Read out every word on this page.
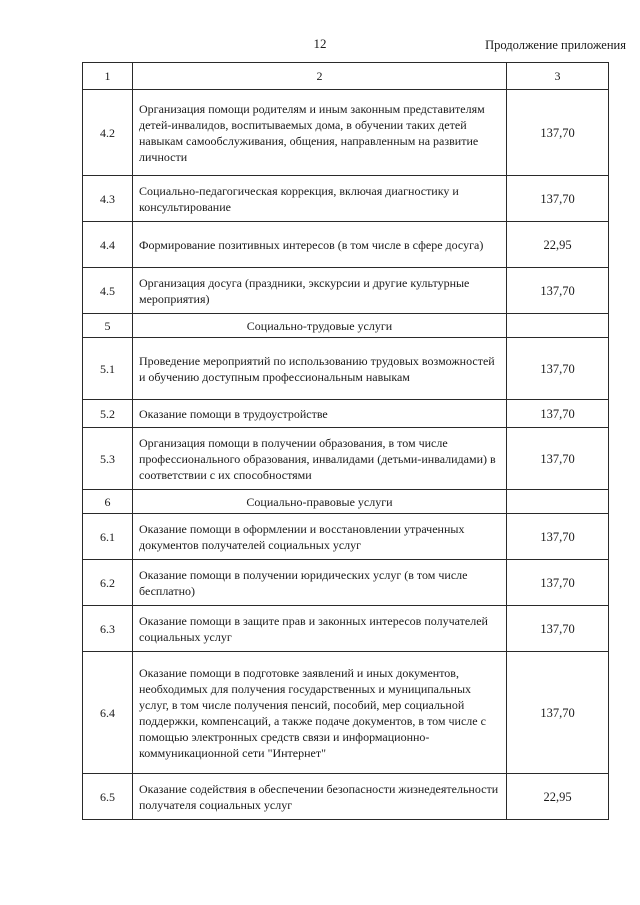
12	Продолжение приложения
1	2	3
4.2	Организация помощи родителям и иным законным представителям детей-инвалидов, воспитываемых дома, в обучении таких детей навыкам самообслуживания, общения, направленным на развитие личности	137,70
4.3	Социально-педагогическая коррекция, включая диагностику и консультирование	137,70
4.4	Формирование позитивных интересов (в том числе в сфере досуга)	22,95
4.5	Организация досуга (праздники, экскурсии и другие культурные мероприятия)	137,70
5	Социально-трудовые услуги	
5.1	Проведение мероприятий по использованию трудовых возможностей и обучению доступным профессиональным навыкам	137,70
5.2	Оказание помощи в трудоустройстве	137,70
5.3	Организация помощи в получении образования, в том числе профессионального образования, инвалидами (детьми-инвалидами) в соответствии с их способностями	137,70
6	Социально-правовые услуги	
6.1	Оказание помощи в оформлении и восстановлении утраченных документов получателей социальных услуг	137,70
6.2	Оказание помощи в получении юридических услуг (в том числе бесплатно)	137,70
6.3	Оказание помощи в защите прав и законных интересов получателей социальных услуг	137,70
6.4	Оказание помощи в подготовке заявлений и иных документов, необходимых для получения государственных и муниципальных услуг, в том числе получения пенсий, пособий, мер социальной поддержки, компенсаций, а также подаче документов, в том числе с помощью электронных средств связи и информационно-коммуникационной сети "Интернет"	137,70
6.5	Оказание содействия в обеспечении безопасности жизнедеятельности получателя социальных услуг	22,95
